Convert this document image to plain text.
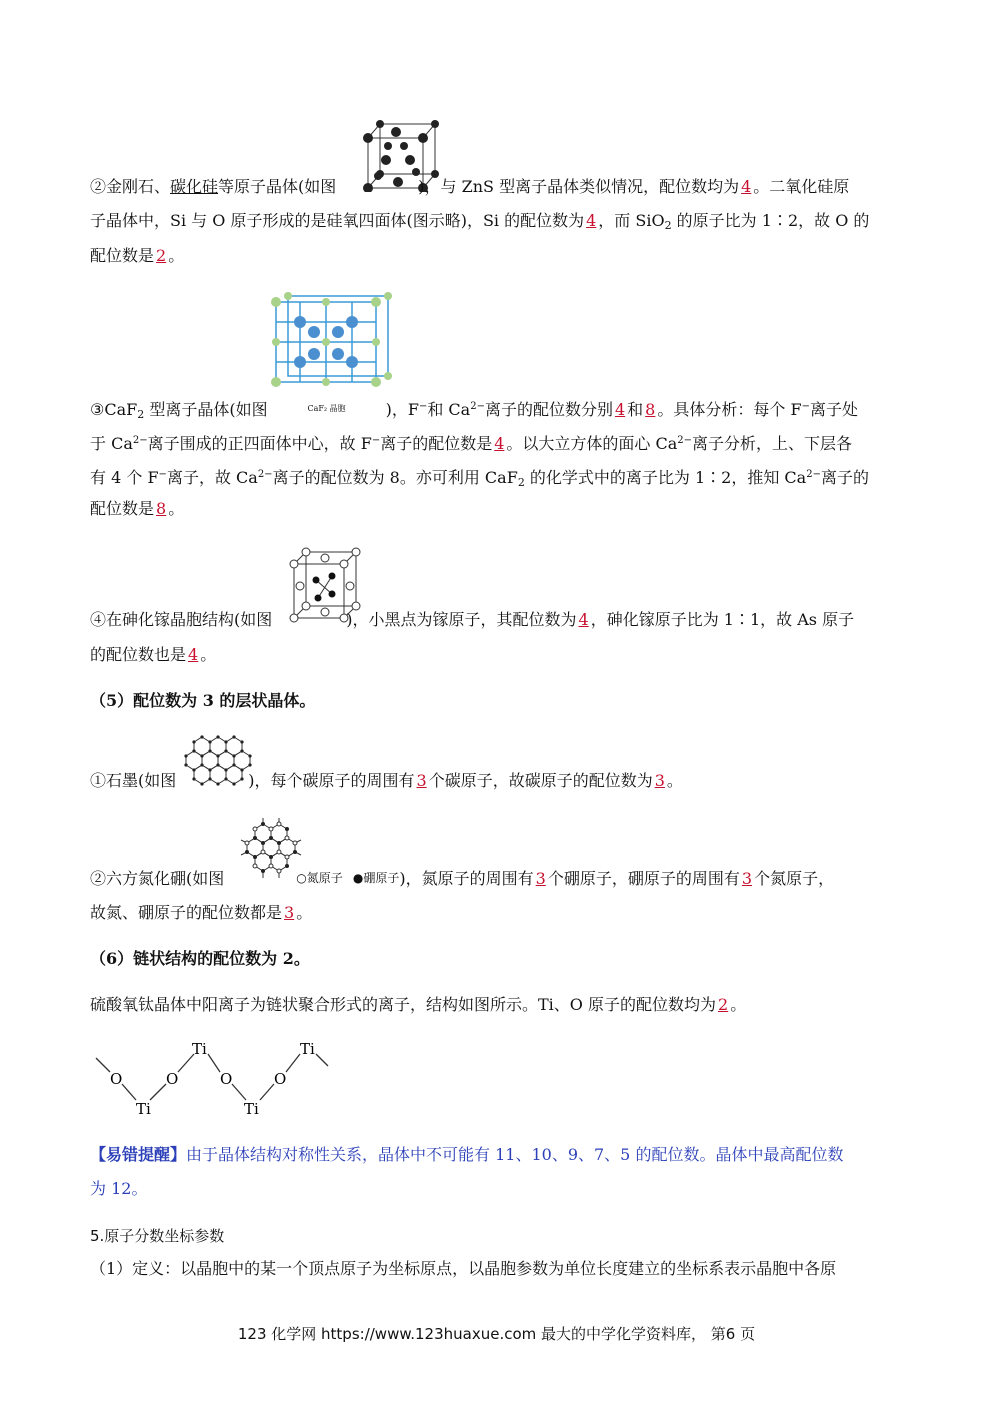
②金刚石、碳化硅等原子晶体(如图	)，与 ZnS 型离子晶体类似情况，配位数均为 4 。二氧化硅原
子晶体中，Si 与 O 原子形成的是硅氧四面体(图示略)，Si 的配位数为 4 ，而 SiO$_2$ 的原子比为 1∶2，故 O 的
配位数是 2 。
③CaF$_2$ 型离子晶体(如图	CaF₂ 晶胞 )，F−和 $Ca^{2-}$离子的配位数分别 4 和 8 。具体分析：每个 F−离子处
于 $Ca^{2-}$离子围成的正四面体中心，故 F−离子的配位数是 4 。以大立方体的面心 $Ca^{2-}$离子分析，上、下层各
有 4 个 F−离子，故 $Ca^{2-}$离子的配位数为 8。亦可利用 CaF$_2$ 的化学式中的离子比为 1∶2，推知 $Ca^{2-}$离子的
配位数是 8 。
④在砷化镓晶胞结构(如图	)，小黑点为镓原子，其配位数为 4 ，砷化镓原子比为 1∶1，故 As 原子
的配位数也是 4 。
（5）配位数为 3 的层状晶体。
①石墨(如图	)，每个碳原子的周围有 3 个碳原子，故碳原子的配位数为 3 。
②六方氮化硼(如图	○氮原子 ●硼原子)，氮原子的周围有 3 个硼原子，硼原子的周围有 3 个氮原子，
故氮、硼原子的配位数都是 3 。
（6）链状结构的配位数为 2。
硫酸氧钛晶体中阳离子为链状聚合形式的离子，结构如图所示。Ti、O 原子的配位数均为 2 。
O
Ti
O
Ti
O
Ti
O
Ti
【易错提醒】由于晶体结构对称性关系，晶体中不可能有 11、10、9、7、5 的配位数。晶体中最高配位数
为 12。
5.原子分数坐标参数
（1）定义：以晶胞中的某一个顶点原子为坐标原点，以晶胞参数为单位长度建立的坐标系表示晶胞中各原
123 化学网 https://www.123huaxue.com 最大的中学化学资料库， 第6 页
